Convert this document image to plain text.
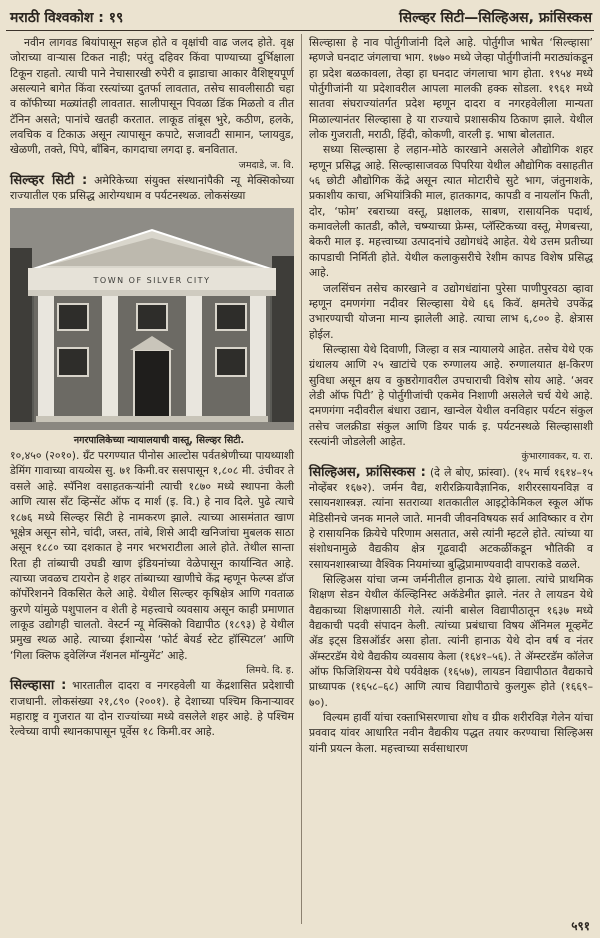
मराठी विश्वकोश : १९	सिल्व्हर सिटी—सिल्हिअस, फ्रांसिस्कस

नवीन लागवड बियांपासून सहज होते व वृक्षांची वाढ जलद होते. वृक्ष जोराच्या वाऱ्यास टिकत नाही; परंतु दहिवर किंवा पाण्याच्या दुर्भिक्षाला टिकून राहतो. त्याची पाने नेचासारखी रुपेरी व झाडाचा आकार वैशिष्ट्यपूर्ण असल्याने बागेत किंवा रस्त्यांच्या दुतर्फा लावतात, तसेच सावलीसाठी चहा व कॉफीच्या मळ्यांतही लावतात. सालीपासून पिवळा डिंक मिळतो व तीत टॅनिन असते; पानांचे खतही करतात. लाकूड तांबूस भुरे, कठीण, हलके, लवचिक व टिकाऊ असून त्यापासून कपाटे, सजावटी सामान, प्लायवुड, खेळणी, तक्ते, पिपे, बाँबिन, कागदाचा लगदा इ. बनवितात.

जमदाडे, ज. वि.

सिल्व्हर सिटी : अमेरिकेच्या संयुक्त संस्थानांपैकी न्यू मेक्सिकोच्या राज्यातील एक प्रसिद्ध आरोग्यधाम व पर्यटनस्थळ. लोकसंख्या

TOWN OF SILVER CITY

नगरपालिकेच्या न्यायालयाची वास्तू, सिल्व्हर सिटी.

१०,४५० (२०१०). ग्रँट परगण्यात पीनोस आल्टोस पर्वतश्रेणीच्या पायथ्याशी डेमिंग गावाच्या वायव्येस सु. ७१ किमी.वर ससपासून १,८०८ मी. उंचीवर ते वसले आहे. स्पॅनिश वसाहतकऱ्यांनी त्याची १८७० मध्ये स्थापना केली आणि त्यास सॅंट व्हिन्सेंट ऑफ द मार्श (इ. वि.) हे नाव दिले. पुढे त्याचे १८७६ मध्ये सिल्व्हर सिटी हे नामकरण झाले. त्याच्या आसमंतात खाण भूक्षेत्र असून सोने, चांदी, जस्त, तांबे, शिसे आदी खनिजांचा मुबलक साठा असून १८८० च्या दशकात हे नगर भरभराटीला आले होते. तेथील सान्ता रिता ही तांब्याची उघडी खाण इंडियनांच्या वेळेपासून कार्यान्वित आहे. त्याच्या जवळच टायरोन हे शहर तांब्याच्या खाणीचे केंद्र म्हणून फेल्प्स डॉज कॉर्पोरेशनने विकसित केले आहे. येथील सिल्व्हर कृषिक्षेत्र आणि गवताळ कुरणे यांमुळे पशुपालन व शेती हे महत्त्वाचे व्यवसाय असून काही प्रमाणात लाकूड उद्योगही चालतो. वेस्टर्न न्यू मेक्सिको विद्यापीठ (१८९३) हे येथील प्रमुख स्थळ आहे. त्याच्या ईशान्येस ‘फोर्ट बेयर्ड स्टेट हॉस्पिटल’ आणि ‘गिला क्लिफ ड्वेलिंग्ज नॅशनल मॉन्युमेंट’ आहे.

लिमये. दि. ह.

सिल्व्हासा : भारतातील दादरा व नगरहवेली या केंद्रशासित प्रदेशाची राजधानी. लोकसंख्या २१,८९० (२००१). हे देशाच्या पश्चिम किनाऱ्यावर महाराष्ट्र व गुजरात या दोन राज्यांच्या मध्ये वसलेले शहर आहे. हे पश्चिम रेल्वेच्या वापी स्थानकापासून पूर्वेस १८ किमी.वर आहे.

सिल्व्हासा हे नाव पोर्तुगीजांनी दिले आहे. पोर्तुगीज भाषेत ‘सिल्व्हासा’ म्हणजे घनदाट जंगलाचा भाग. १७७० मध्ये जेव्हा पोर्तुगीजांनी मराठ्यांकडून हा प्रदेश बळकावला, तेव्हा हा घनदाट जंगलाचा भाग होता. १९५४ मध्ये पोर्तुगीजांनी या प्रदेशावरील आपला मालकी हक्क सोडला. १९६१ मध्ये सातवा संघराज्यांतर्गत प्रदेश म्हणून दादरा व नगरहवेलीला मान्यता मिळाल्यानंतर सिल्व्हासा हे या राज्याचे प्रशासकीय ठिकाण झाले. येथील लोक गुजराती, मराठी, हिंदी, कोकणी, वारली इ. भाषा बोलतात.

सध्या सिल्व्हासा हे लहान-मोठे कारखाने असलेले औद्योगिक शहर म्हणून प्रसिद्ध आहे. सिल्व्हासाजवळ पिपरिया येथील औद्योगिक वसाहतीत ५६ छोटी औद्योगिक केंद्रे असून त्यात मोटारीचे सुटे भाग, जंतुनाशके, प्रकाशीय काचा, अभियांत्रिकी माल, हातकागद, कापडी व नायलॉन फिती, दोर, ‘फोम’ रबराच्या वस्तू, प्रक्षालक, साबण, रासायनिक पदार्थ, कमावलेली कातडी, कौले, चष्म्याच्या फ्रेम्स, प्लॅस्टिकच्या वस्तू, मेणबत्त्या, बेकरी माल इ. महत्त्वाच्या उत्पादनांचे उद्योगधंदे आहेत. येथे उत्तम प्रतीच्या कापडाची निर्मिती होते. येथील कलाकुसरीचे रेशीम कापड विशेष प्रसिद्ध आहे.

जलसिंचन तसेच कारखाने व उद्योगधंद्यांना पुरेसा पाणीपुरवठा व्हावा म्हणून दमणगंगा नदीवर सिल्व्हासा येथे ६६ किवॅ. क्षमतेचे उपकेंद्र उभारण्याची योजना मान्य झालेली आहे. त्याचा लाभ ६,८०० हे. क्षेत्रास होईल.

सिल्व्हासा येथे दिवाणी, जिल्हा व सत्र न्यायालये आहेत. तसेच येथे एक ग्रंथालय आणि २५ खाटांचे एक रुग्णालय आहे. रुग्णालयात क्ष-किरण सुविधा असून क्षय व कुष्ठरोगावरील उपचाराची विशेष सोय आहे. ‘अवर लेडी ऑफ पिटी’ हे पोर्तुगीजांची एकमेव निशाणी असलेले चर्च येथे आहे. दमणगंगा नदीवरील बंधारा उद्यान, खान्वेल येथील वनविहार पर्यटन संकुल तसेच जलक्रीडा संकुल आणि डियर पार्क इ. पर्यटनस्थळे सिल्व्हासाशी रस्त्यांनी जोडलेली आहेत.

कुंभारगावकर, य. रा.

सिल्हिअस, फ्रांसिस्कस : (दे ले बोए, फ्रांस्वा). (१५ मार्च १६१४–१५ नोव्हेंबर १६७२). जर्मन वैद्य, शरीरक्रियावैज्ञानिक, शरीररसायनविज्ञ व रसायनशास्त्रज्ञ. त्यांना सतराव्या शतकातील आइट्रोकेमिकल स्कूल ऑफ मेडिसीनचे जनक मानले जाते. मानवी जीवनविषयक सर्व आविष्कार व रोग हे रासायनिक क्रियेचे परिणाम असतात, असे त्यांनी म्हटले होते. त्यांच्या या संशोधनामुळे वैद्यकीय क्षेत्र गूढवादी अटकळींकडून भौतिकी व रसायनशास्त्राच्या वैश्विक नियमांच्या बुद्धिप्रामाण्यवादी वापराकडे वळले.

सिल्हिअस यांचा जन्म जर्मनीतील हानाऊ येथे झाला. त्यांचे प्राथमिक शिक्षण सेडन येथील कॅल्व्हिनिस्ट अकॅडेमीत झाले. नंतर ते लायडन येथे वैद्यकाच्या शिक्षणासाठी गेले. त्यांनी बासेल विद्यापीठातून १६३७ मध्ये वैद्यकाची पदवी संपादन केली. त्यांच्या प्रबंधाचा विषय ॲनिमल मूव्हमेंट ॲड इट्स डिसऑर्डर असा होता. त्यांनी हानाऊ येथे दोन वर्ष व नंतर ॲम्स्टरडॅम येथे वैद्यकीय व्यवसाय केला (१६४१–५६). ते ॲम्स्टरडॅम कॉलेज ऑफ फिजिशियन्स येथे पर्यवेक्षक (१६५७), लायडन विद्यापीठात वैद्यकाचे प्राध्यापक (१६५८–६८) आणि त्याच विद्यापीठाचे कुलगुरू होते (१६६९–७०).

विल्यम हार्वी यांचा रक्ताभिसरणाचा शोध व ग्रीक शरीरविज्ञ गेलेन यांचा प्रववाद यांवर आधारित नवीन वैद्यकीय पद्धत तयार करण्याचा सिल्हिअस यांनी प्रयत्न केला. महत्त्वाच्या सर्वसाधारण

५९१
